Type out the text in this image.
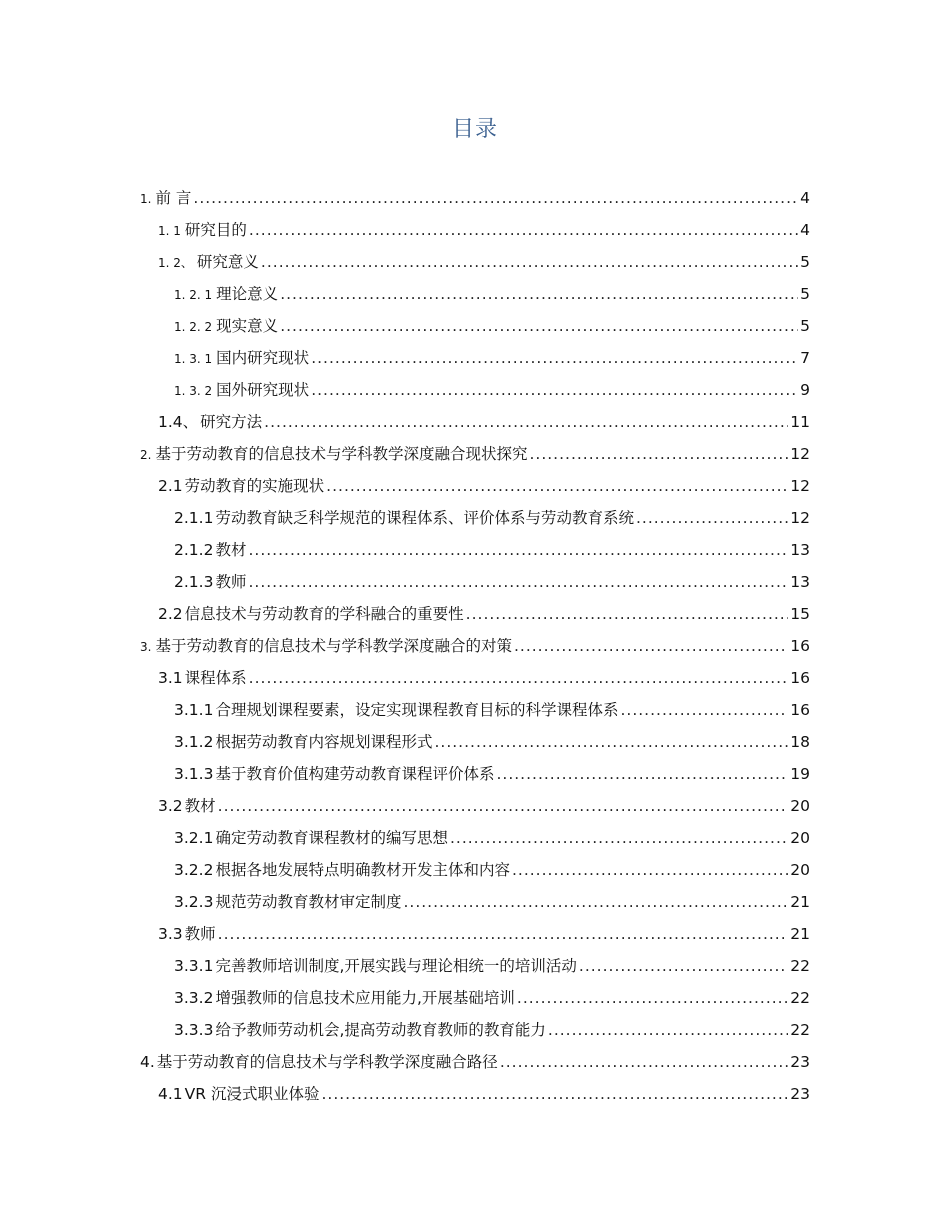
目录
1. 前 言 .....	4
1. 1 研究目的 .....	4
1. 2、 研究意义 .....	5
1. 2. 1 理论意义 .....	5
1. 2. 2 现实意义 .....	5
1. 3. 1 国内研究现状 .....	7
1. 3. 2 国外研究现状 .....	9
1.4、 研究方法 .....	11
2. 基于劳动教育的信息技术与学科教学深度融合现状探究 .....	12
2.1 劳动教育的实施现状 .....	12
2.1.1 劳动教育缺乏科学规范的课程体系、评价体系与劳动教育系统 .....	12
2.1.2 教材 .....	13
2.1.3 教师 .....	13
2.2 信息技术与劳动教育的学科融合的重要性 .....	15
3. 基于劳动教育的信息技术与学科教学深度融合的对策 .....	16
3.1 课程体系 .....	16
3.1.1 合理规划课程要素，设定实现课程教育目标的科学课程体系 .....	16
3.1.2 根据劳动教育内容规划课程形式 .....	18
3.1.3 基于教育价值构建劳动教育课程评价体系 .....	19
3.2 教材 .....	20
3.2.1 确定劳动教育课程教材的编写思想 .....	20
3.2.2 根据各地发展特点明确教材开发主体和内容 .....	20
3.2.3 规范劳动教育教材审定制度 .....	21
3.3 教师 .....	21
3.3.1 完善教师培训制度,开展实践与理论相统一的培训活动 .....	22
3.3.2 增强教师的信息技术应用能力,开展基础培训 .....	22
3.3.3 给予教师劳动机会,提高劳动教育教师的教育能力 .....	22
4. 基于劳动教育的信息技术与学科教学深度融合路径 .....	23
4.1 VR 沉浸式职业体验 .....	23
